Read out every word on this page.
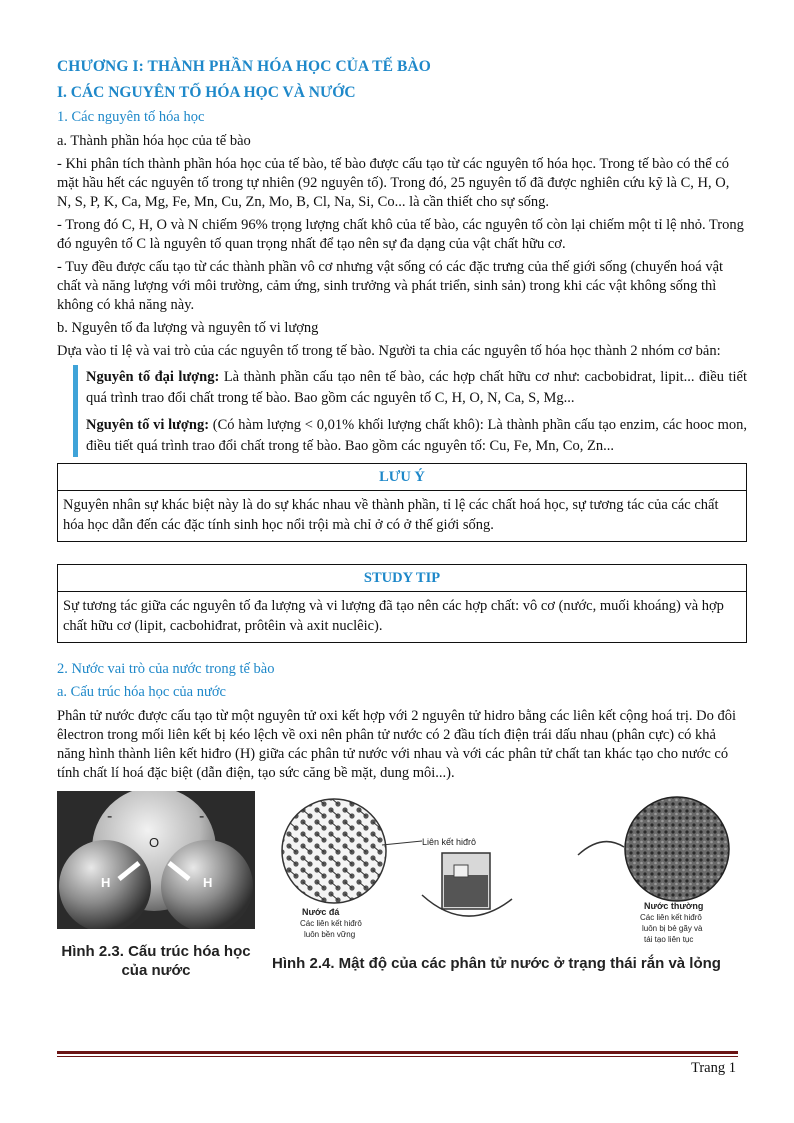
CHƯƠNG I: THÀNH PHẦN HÓA HỌC CỦA TẾ BÀO
I. CÁC NGUYÊN TỐ HÓA HỌC VÀ NƯỚC
1. Các nguyên tố hóa học

a. Thành phần hóa học của tế bào

- Khi phân tích thành phần hóa học của tế bào, tế bào được cấu tạo từ các nguyên tố hóa học. Trong tế bào có thể có mặt hầu hết các nguyên tố trong tự nhiên (92 nguyên tố). Trong đó, 25 nguyên tố đã được nghiên cứu kỹ là C, H, O, N, S, P, K, Ca, Mg, Fe, Mn, Cu, Zn, Mo, B, Cl, Na, Si, Co... là cần thiết cho sự sống.

- Trong đó C, H, O và N chiếm 96% trọng lượng chất khô của tế bào, các nguyên tố còn lại chiếm một tỉ lệ nhỏ. Trong đó nguyên tố C là nguyên tố quan trọng nhất để tạo nên sự đa dạng của vật chất hữu cơ.

- Tuy đều được cấu tạo từ các thành phần vô cơ nhưng vật sống có các đặc trưng của thế giới sống (chuyển hoá vật chất và năng lượng với môi trường, cảm ứng, sinh trưởng và phát triển, sinh sản) trong khi các vật không sống thì không có khả năng này.

b. Nguyên tố đa lượng và nguyên tố vi lượng

Dựa vào tỉ lệ và vai trò của các nguyên tố trong tế bào. Người ta chia các nguyên tố hóa học thành 2 nhóm cơ bản:

Nguyên tố đại lượng: Là thành phần cấu tạo nên tế bào, các hợp chất hữu cơ như: cacbobidrat, lipit... điều tiết quá trình trao đổi chất trong tế bào. Bao gồm các nguyên tố C, H, O, N, Ca, S, Mg...

Nguyên tố vi lượng: (Có hàm lượng < 0,01% khối lượng chất khô): Là thành phần cấu tạo enzim, các hooc mon, điều tiết quá trình trao đổi chất trong tế bào. Bao gồm các nguyên tố: Cu, Fe, Mn, Co, Zn...

LƯU Ý
Nguyên nhân sự khác biệt này là do sự khác nhau về thành phần, tỉ lệ các chất hoá học, sự tương tác của các chất hóa học dẫn đến các đặc tính sinh học nổi trội mà chỉ ở có ở thế giới sống.
STUDY TIP
Sự tương tác giữa các nguyên tố đa lượng và vi lượng đã tạo nên các hợp chất: vô cơ (nước, muối khoáng) và hợp chất hữu cơ (lipit, cacbohiđrat, prôtêin và axit nuclêic).
2. Nước vai trò của nước trong tế bào
a. Cấu trúc hóa học của nước

Phân tử nước được cấu tạo từ một nguyên tử oxi kết hợp với 2 nguyên tử hidro bằng các liên kết cộng hoá trị. Do đôi êlectron trong mối liên kết bị kéo lệch về oxi nên phân tử nước có 2 đầu tích điện trái dấu nhau (phân cực) có khả năng hình thành liên kết hiđro (H) giữa các phân tử nước với nhau và với các phân tử chất tan khác tạo cho nước có tính chất lí hoá đặc biệt (dẫn điện, tạo sức căng bề mặt, dung môi...).

-	-
O
H	H
Hình 2.3. Cấu trúc hóa học
của nước
Liên kết hiđrô
Nước đá
Các liên kết hiđrô
luôn bền vững
Nước thường
Các liên kết hiđrô
luôn bị bẻ gãy và
tái tạo liên tục
Hình 2.4. Mật độ của các phân tử nước ở trạng thái rắn và lỏng
Trang 1
